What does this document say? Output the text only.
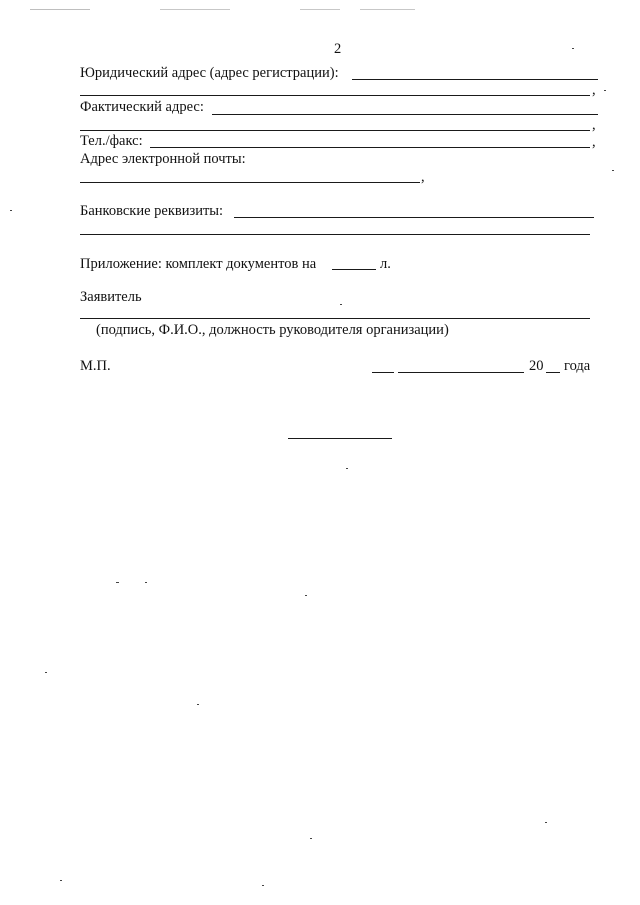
2
Юридический адрес (адрес регистрации):
,
Фактический адрес:
,
Тел./факс:	,
Адрес электронной почты:
,
Банковские реквизиты:
Приложение: комплект документов на	л.
Заявитель
(подпись, Ф.И.О., должность руководителя организации)
М.П.	20 года
